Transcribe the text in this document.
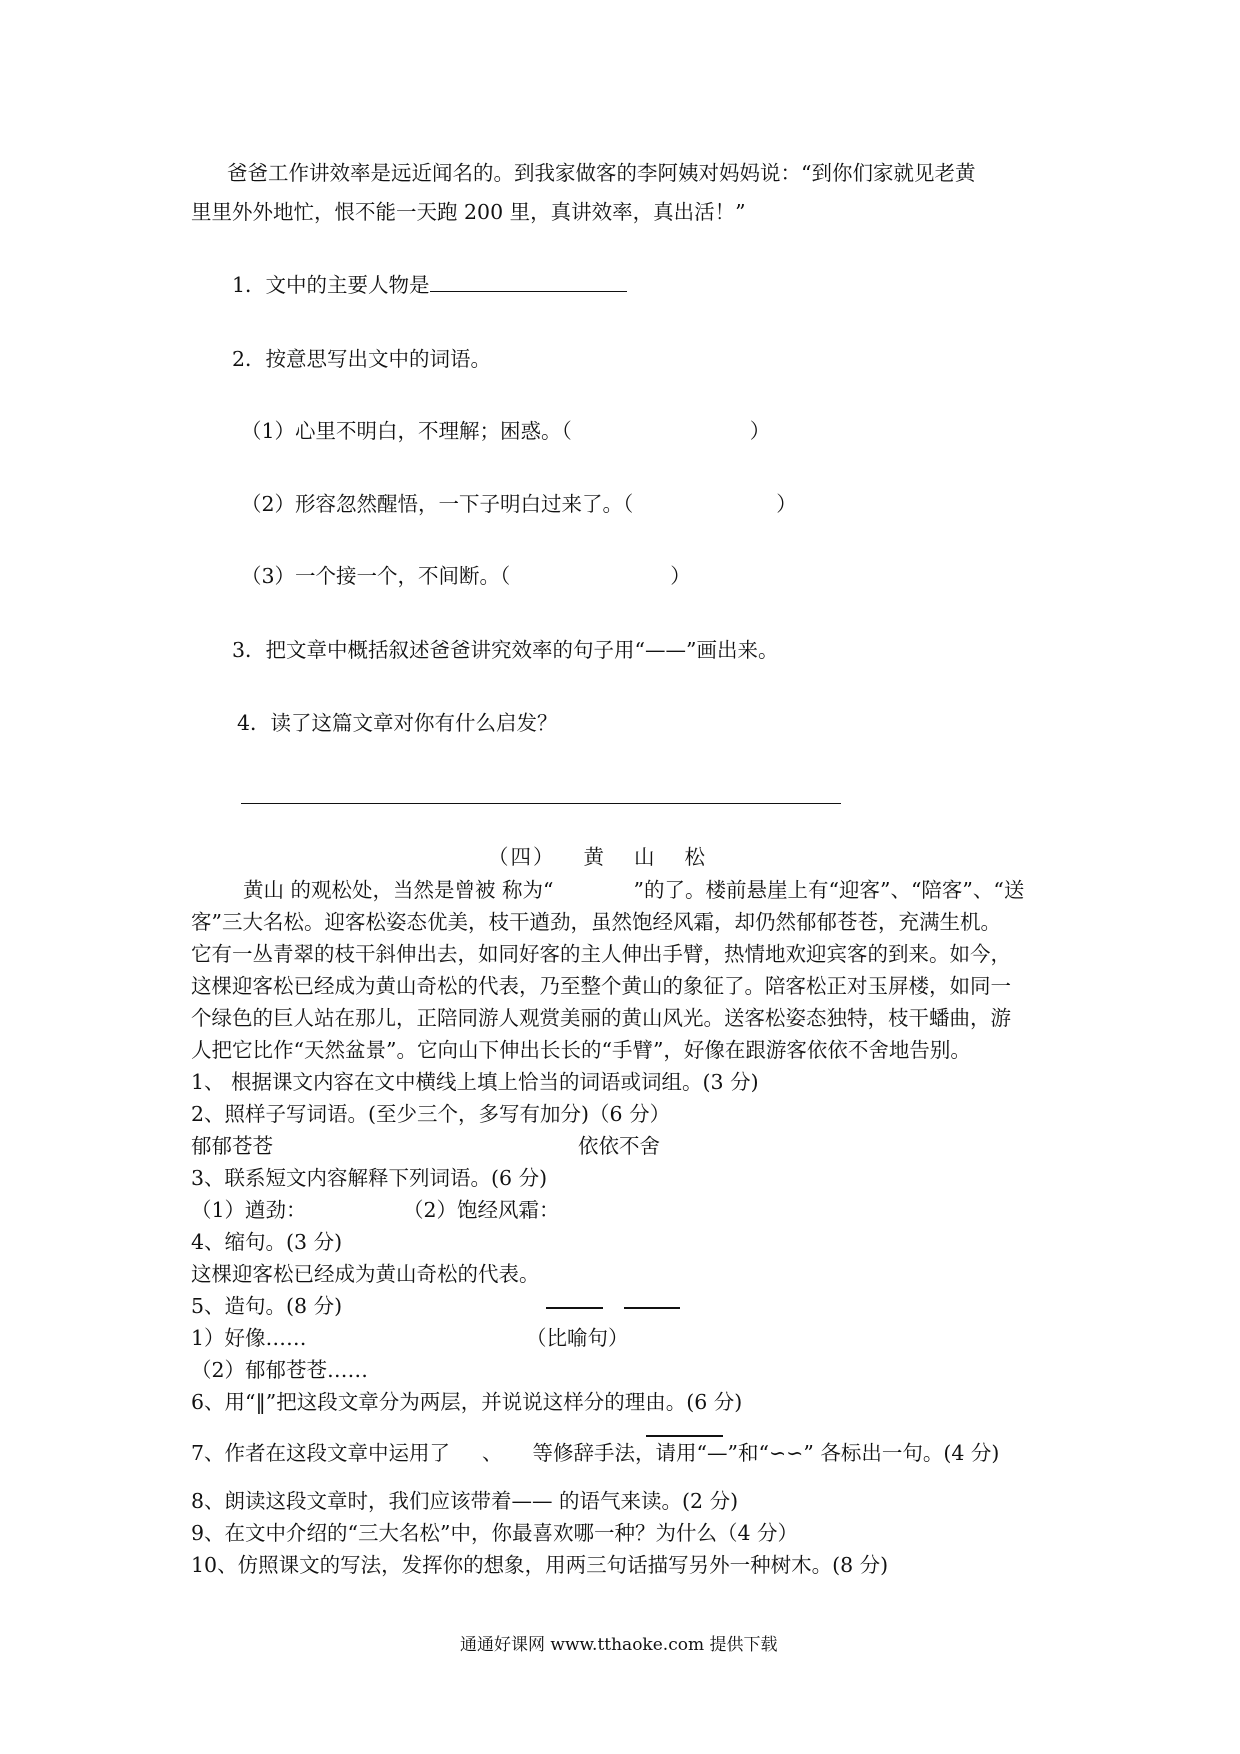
爸爸工作讲效率是远近闻名的。到我家做客的李阿姨对妈妈说：“到你们家就见老黄
里里外外地忙，恨不能一天跑 200 里，真讲效率，真出活！”
1．文中的主要人物是
2．按意思写出文中的词语。
（1）心里不明白，不理解；困惑。（	）
（2）形容忽然醒悟，一下子明白过来了。（	）
（3）一个接一个，不间断。（	）
3．把文章中概括叙述爸爸讲究效率的句子用“——”画出来。
4．读了这篇文章对你有什么启发？
（四） 黄 山 松
黄山 的观松处，当然是曾被 称为“	”的了。楼前悬崖上有“迎客”、“陪客”、“送
客”三大名松。迎客松姿态优美，枝干遒劲，虽然饱经风霜，却仍然郁郁苍苍，充满生机。
它有一丛青翠的枝干斜伸出去，如同好客的主人伸出手臂，热情地欢迎宾客的到来。如今，
这棵迎客松已经成为黄山奇松的代表，乃至整个黄山的象征了。陪客松正对玉屏楼，如同一
个绿色的巨人站在那儿，正陪同游人观赏美丽的黄山风光。送客松姿态独特，枝干蟠曲，游
人把它比作“天然盆景”。它向山下伸出长长的“手臂”，好像在跟游客依依不舍地告别。
1、 根据课文内容在文中横线上填上恰当的词语或词组。(3 分)
2、照样子写词语。(至少三个，多写有加分)（6 分）
郁郁苍苍	依依不舍
3、联系短文内容解释下列词语。(6 分)
（1）遒劲：	（2）饱经风霜：
4、缩句。(3 分)
这棵迎客松已经成为黄山奇松的代表。
5、造句。(8 分)
1）好像……	（比喻句）
（2）郁郁苍苍……
6、用“‖”把这段文章分为两层，并说说这样分的理由。(6 分)
7、作者在这段文章中运用了 、 等修辞手法，请用“—”和“∽∽” 各标出一句。(4 分)
8、朗读这段文章时，我们应该带着—— 的语气来读。(2 分)
9、在文中介绍的“三大名松”中，你最喜欢哪一种？为什么（4 分）
10、仿照课文的写法，发挥你的想象，用两三句话描写另外一种树木。(8 分)
通通好课网 www.tthaoke.com 提供下载
